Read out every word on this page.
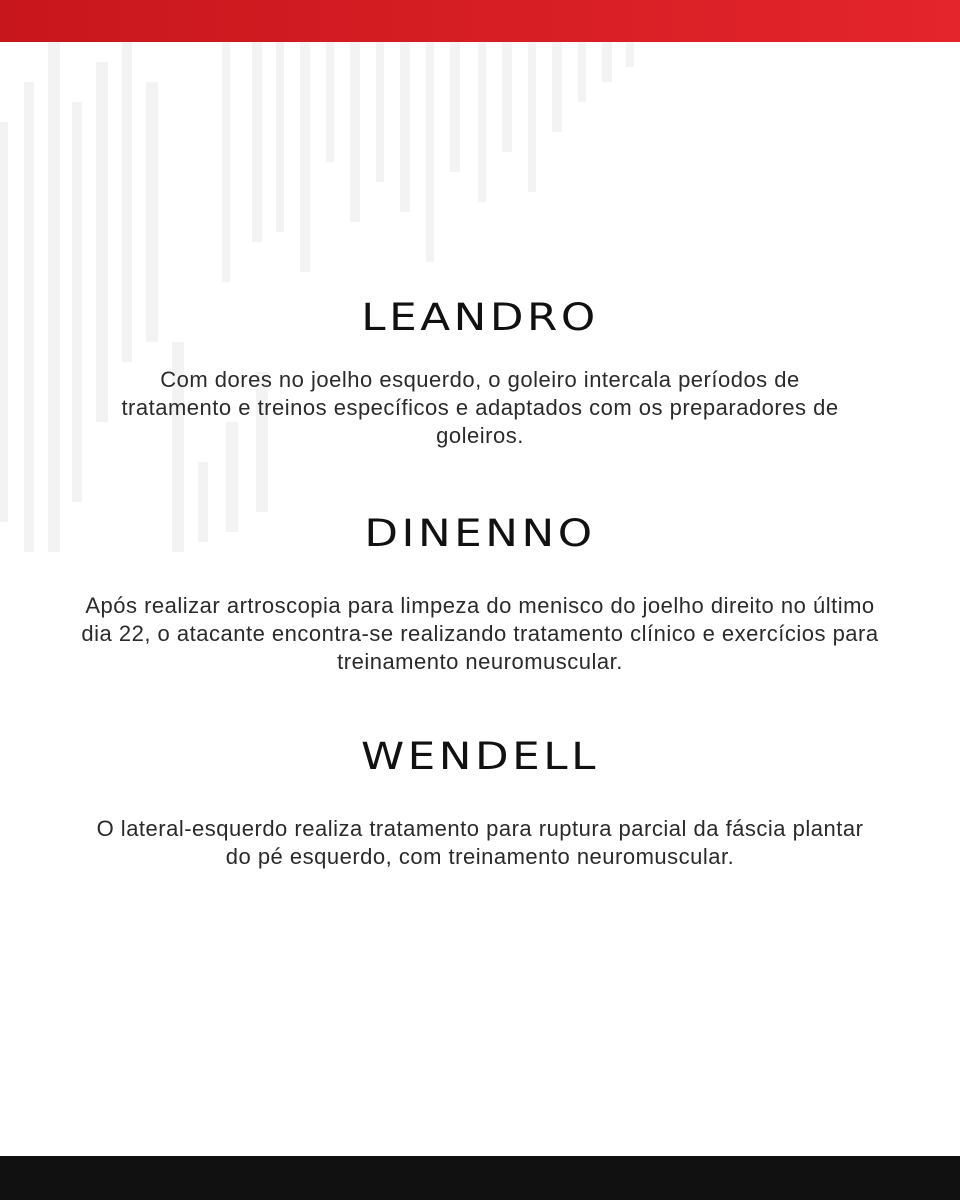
LEANDRO

Com dores no joelho esquerdo, o goleiro intercala períodos de tratamento e treinos específicos e adaptados com os preparadores de goleiros.

DINENNO

Após realizar artroscopia para limpeza do menisco do joelho direito no último dia 22, o atacante encontra-se realizando tratamento clínico e exercícios para treinamento neuromuscular.

WENDELL

O lateral-esquerdo realiza tratamento para ruptura parcial da fáscia plantar do pé esquerdo, com treinamento neuromuscular.
